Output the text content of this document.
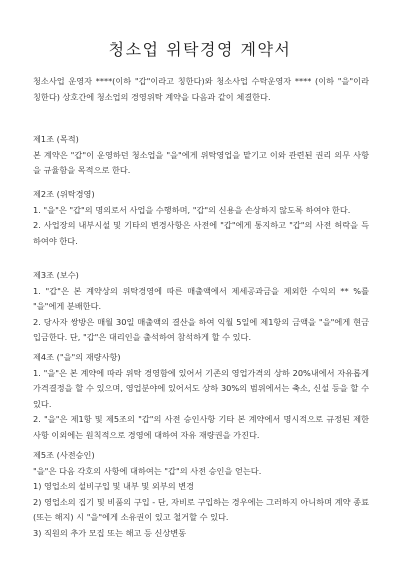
청소업 위탁경영 계약서

청소사업 운영자 ****(이하 "갑"이라고 칭한다)와 청소사업 수탁운영자 **** (이하 "을"이라 칭한다) 상호간에 청소업의 경영위탁 계약을 다음과 같이 체결한다.

제1조 (목적)

본 계약은 "갑"이 운영하던 청소업을 "을"에게 위탁영업을 맡기고 이와 관련된 권리 의무 사항을 규율함을 목적으로 한다.

제2조 (위탁경영)

1. "을"은 "갑"의 명의로서 사업을 수행하며, "갑"의 신용을 손상하지 않도록 하여야 한다.

2. 사업장의 내부시설 및 기타의 변경사항은 사전에 "갑"에게 통지하고 "갑"의 사전 허락을 득하여야 한다.

제3조 (보수)

1. "갑"은 본 계약상의 위탁경영에 따른 매출액에서 제세공과금을 제외한 수익의 ** %를 "을"에게 분배한다.

2. 당사자 쌍방은 매월 30일 매출액의 결산을 하여 익월 5일에 제1항의 금액을 "을"에게 현금 입금한다. 단, "갑"은 대리인을 출석하여 참석하게 할 수 있다.

제4조 ("을"의 재량사항)

1. "을"은 본 계약에 따라 위탁 경영함에 있어서 기존의 영업가격의 상하 20%내에서 자유롭게 가격결정을 할 수 있으며, 영업분야에 있어서도 상하 30%의 범위에서는 축소, 신설 등을 할 수 있다.

2. "을"은 제1항 및 제5조의 "갑"의 사전 승인사항 기타 본 계약에서 명시적으로 규정된 제한사항 이외에는 원칙적으로 경영에 대하여 자유 재량권을 가진다.

제5조 (사전승인)

"을"은 다음 각호의 사항에 대하여는 "갑"의 사전 승인을 얻는다.

1) 영업소의 설비구입 및 내부 및 외부의 변경

2) 영업소의 집기 및 비품의 구입 - 단, 자비로 구입하는 경우에는 그러하지 아니하며 계약 종료(또는 해지) 시 "을"에게 소유권이 있고 철거할 수 있다.

3) 직원의 추가 모집 또는 해고 등 신상변동
